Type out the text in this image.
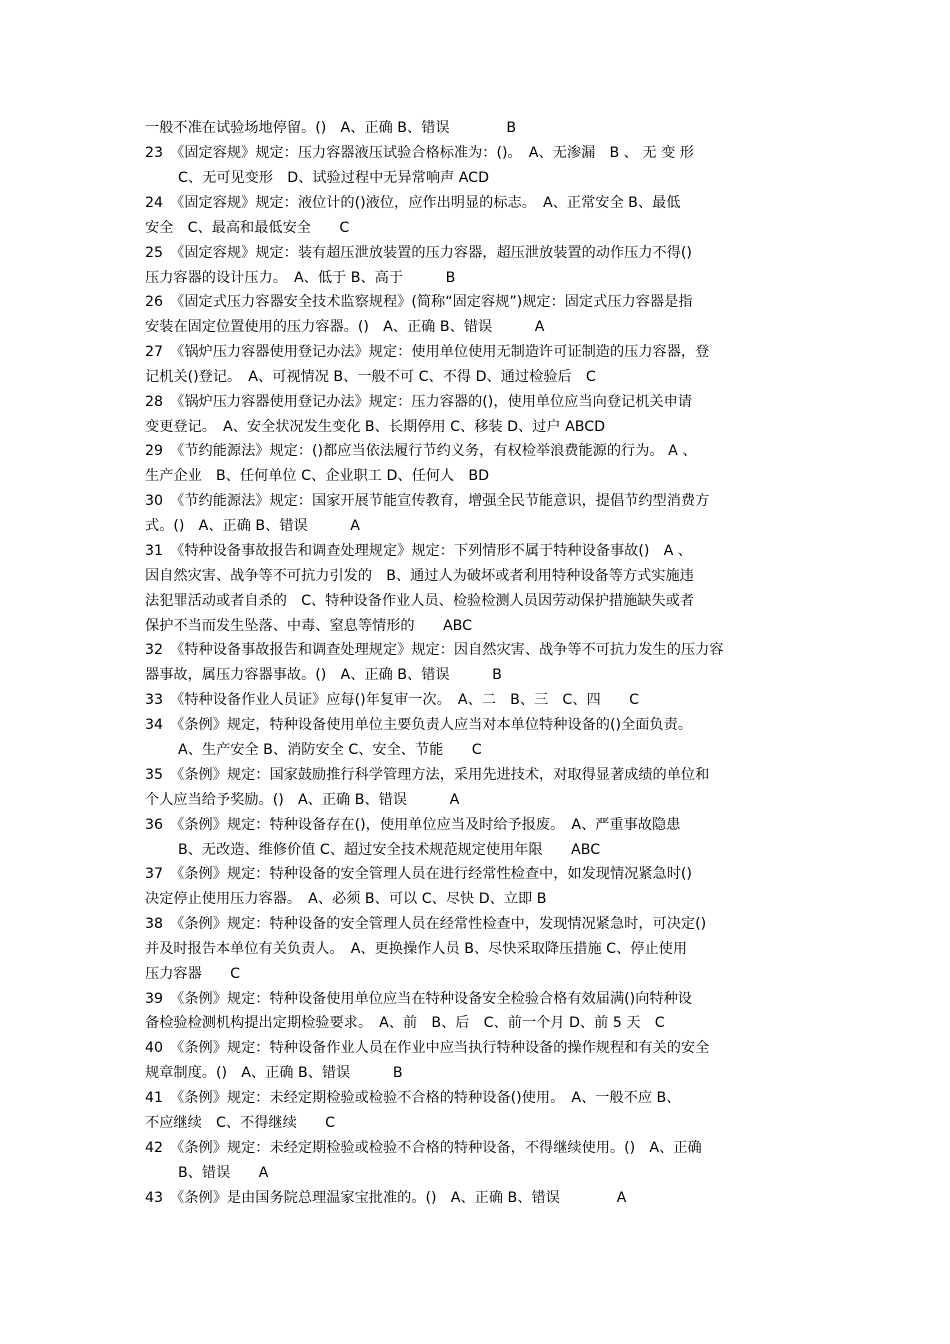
一般不准在试验场地停留。()　A、正确 B、错误　　　　B
23　《固定容规》规定：压力容器液压试验合格标准为：()。　A、无渗漏　B 、 无 变 形
C、无可见变形　D、试验过程中无异常响声 ACD
24　《固定容规》规定：液位计的()液位，应作出明显的标志。　A、正常安全 B、最低
安全　C、最高和最低安全　　C
25　《固定容规》规定：装有超压泄放装置的压力容器，超压泄放装置的动作压力不得()
压力容器的设计压力。　A、低于 B、高于　　　B
26　《固定式压力容器安全技术监察规程》(简称“固定容规”)规定：固定式压力容器是指
安装在固定位置使用的压力容器。()　A、正确 B、错误　　　A
27　《锅炉压力容器使用登记办法》规定：使用单位使用无制造许可证制造的压力容器，登
记机关()登记。　A、可视情况 B、一般不可 C、不得 D、通过检验后　C
28　《锅炉压力容器使用登记办法》规定：压力容器的()，使用单位应当向登记机关申请
变更登记。　A、安全状况发生变化 B、长期停用 C、移装 D、过户 ABCD
29　《节约能源法》规定：()都应当依法履行节约义务，有权检举浪费能源的行为。 A 、
生产企业　B、任何单位 C、企业职工 D、任何人　BD
30　《节约能源法》规定：国家开展节能宣传教育，增强全民节能意识，提倡节约型消费方
式。()　A、正确 B、错误　　　A
31　《特种设备事故报告和调查处理规定》规定：下列情形不属于特种设备事故()　A 、
因自然灾害、战争等不可抗力引发的　B、通过人为破坏或者利用特种设备等方式实施违
法犯罪活动或者自杀的　C、特种设备作业人员、检验检测人员因劳动保护措施缺失或者
保护不当而发生坠落、中毒、窒息等情形的　　ABC
32　《特种设备事故报告和调查处理规定》规定：因自然灾害、战争等不可抗力发生的压力容
器事故，属压力容器事故。()　A、正确 B、错误　　　B
33　《特种设备作业人员证》应每()年复审一次。　A、二　B、三　C、四　　C
34　《条例》规定，特种设备使用单位主要负责人应当对本单位特种设备的()全面负责。
A、生产安全 B、消防安全 C、安全、节能　　C
35　《条例》规定：国家鼓励推行科学管理方法，采用先进技术，对取得显著成绩的单位和
个人应当给予奖励。()　A、正确 B、错误　　　A
36　《条例》规定：特种设备存在()，使用单位应当及时给予报废。　A、严重事故隐患
B、无改造、维修价值 C、超过安全技术规范规定使用年限　　ABC
37　《条例》规定：特种设备的安全管理人员在进行经常性检查中，如发现情况紧急时()
决定停止使用压力容器。　A、必须 B、可以 C、尽快 D、立即 B
38　《条例》规定：特种设备的安全管理人员在经常性检查中，发现情况紧急时，可决定()
并及时报告本单位有关负责人。　A、更换操作人员 B、尽快采取降压措施 C、停止使用
压力容器　　C
39　《条例》规定：特种设备使用单位应当在特种设备安全检验合格有效届满()向特种设
备检验检测机构提出定期检验要求。　A、前　B、后　C、前一个月 D、前 5 天　C
40　《条例》规定：特种设备作业人员在作业中应当执行特种设备的操作规程和有关的安全
规章制度。()　A、正确 B、错误　　　B
41　《条例》规定：未经定期检验或检验不合格的特种设备()使用。　A、一般不应 B、
不应继续　C、不得继续　　C
42　《条例》规定：未经定期检验或检验不合格的特种设备，不得继续使用。()　A、正确
B、错误　　A
43　《条例》是由国务院总理温家宝批准的。()　A、正确 B、错误　　　　A
